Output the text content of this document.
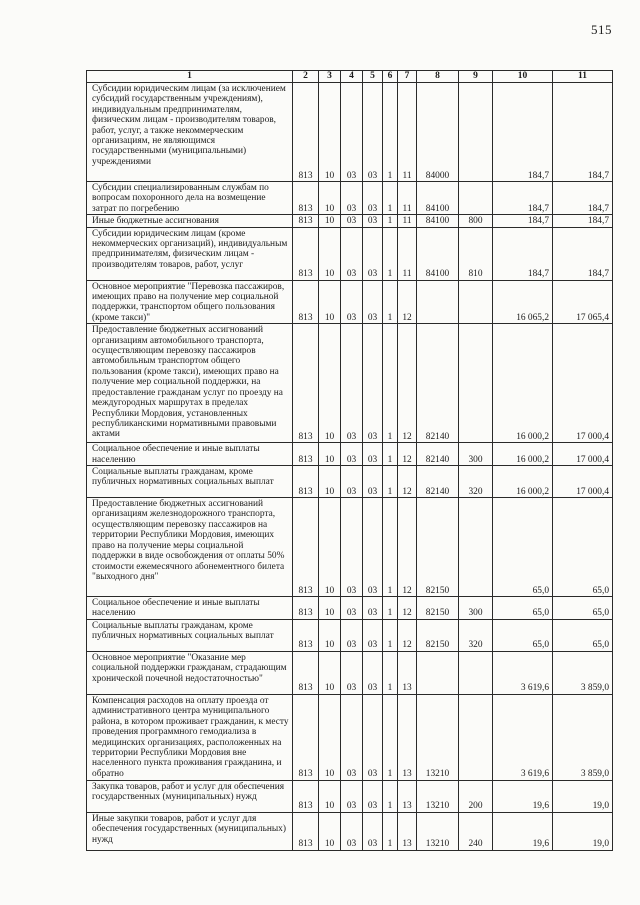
515
1	2	3	4	5	6	7	8	9	10	11
Субсидии юридическим лицам (за исключением субсидий государственным учреждениям), индивидуальным предпринимателям, физическим лицам - производителям товаров, работ, услуг, а также некоммерческим организациям, не являющимся государственными (муниципальными) учреждениями	813	10	03	03	1	11	84000		184,7	184,7
Субсидии специализированным службам по вопросам похоронного дела на возмещение затрат по погребению	813	10	03	03	1	11	84100		184,7	184,7
Иные бюджетные ассигнования	813	10	03	03	1	11	84100	800	184,7	184,7
Субсидии юридическим лицам (кроме некоммерческих организаций), индивидуальным предпринимателям, физическим лицам - производителям товаров, работ, услуг	813	10	03	03	1	11	84100	810	184,7	184,7
Основное мероприятие "Перевозка пассажиров, имеющих право на получение мер социальной поддержки, транспортом общего пользования (кроме такси)"	813	10	03	03	1	12			16 065,2	17 065,4
Предоставление бюджетных ассигнований организациям автомобильного транспорта, осуществляющим перевозку пассажиров автомобильным транспортом общего пользования (кроме такси), имеющих право на получение мер социальной поддержки, на предоставление гражданам услуг по проезду на междугородных маршрутах в пределах Республики Мордовия, установленных республиканскими нормативными правовыми актами	813	10	03	03	1	12	82140		16 000,2	17 000,4
Социальное обеспечение и иные выплаты населению	813	10	03	03	1	12	82140	300	16 000,2	17 000,4
Социальные выплаты гражданам, кроме публичных нормативных социальных выплат	813	10	03	03	1	12	82140	320	16 000,2	17 000,4
Предоставление бюджетных ассигнований организациям железнодорожного транспорта, осуществляющим перевозку пассажиров на территории Республики Мордовия, имеющих право на получение меры социальной поддержки в виде освобождения от оплаты 50% стоимости ежемесячного абонементного билета "выходного дня"	813	10	03	03	1	12	82150		65,0	65,0
Социальное обеспечение и иные выплаты населению	813	10	03	03	1	12	82150	300	65,0	65,0
Социальные выплаты гражданам, кроме публичных нормативных социальных выплат	813	10	03	03	1	12	82150	320	65,0	65,0
Основное мероприятие "Оказание мер социальной поддержки гражданам, страдающим хронической почечной недостаточностью"	813	10	03	03	1	13			3 619,6	3 859,0
Компенсация расходов на оплату проезда от административного центра муниципального района, в котором проживает гражданин, к месту проведения программного гемодиализа в медицинских организациях, расположенных на территории Республики Мордовия вне населенного пункта проживания гражданина, и обратно	813	10	03	03	1	13	13210		3 619,6	3 859,0
Закупка товаров, работ и услуг для обеспечения государственных (муниципальных) нужд	813	10	03	03	1	13	13210	200	19,6	19,0
Иные закупки товаров, работ и услуг для обеспечения государственных (муниципальных) нужд	813	10	03	03	1	13	13210	240	19,6	19,0
